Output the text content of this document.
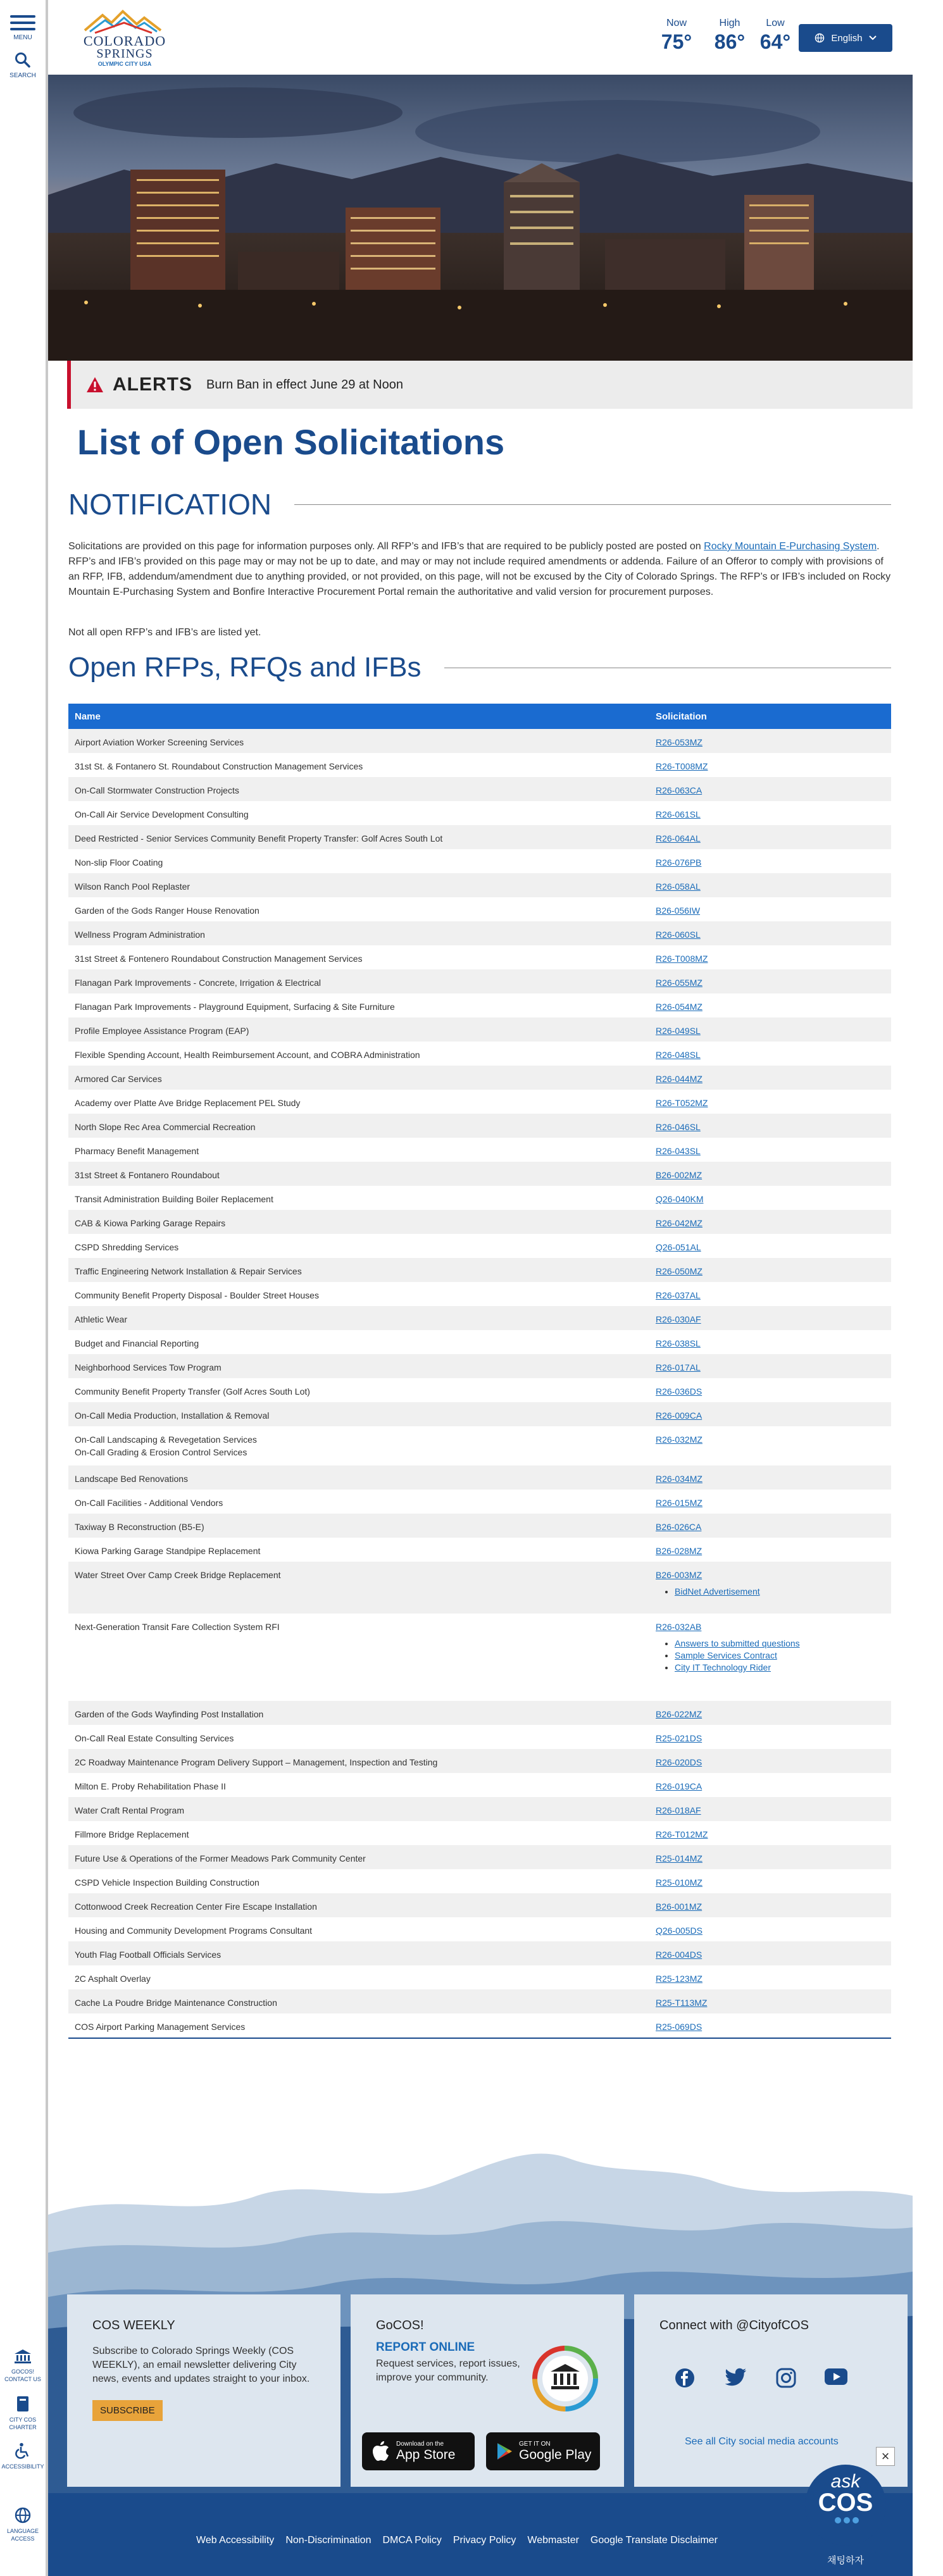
MENU
SEARCH
GOCOS! CONTACT US
CITY COS CHARTER
ACCESSIBILITY
LANGUAGE ACCESS
COLORADO
SPRINGS
OLYMPIC CITY USA
Now
75°
High
86°
Low
64°	English
ALERTS Burn Ban in effect June 29 at Noon
List of Open Solicitations
NOTIFICATION
Solicitations are provided on this page for information purposes only. All RFP’s and IFB’s that are required to be publicly posted are posted on Rocky Mountain E-Purchasing System. RFP’s and IFB’s provided on this page may or may not be up to date, and may or may not include required amendments or addenda. Failure of an Offeror to comply with provisions of an RFP, IFB, addendum/amendment due to anything provided, or not provided, on this page, will not be excused by the City of Colorado Springs. The RFP’s or IFB’s included on Rocky Mountain E-Purchasing System and Bonfire Interactive Procurement Portal remain the authoritative and valid version for procurement purposes.
Not all open RFP’s and IFB’s are listed yet.
Open RFPs, RFQs and IFBs
Name	Solicitation
Airport Aviation Worker Screening Services	R26-053MZ
31st St. & Fontanero St. Roundabout Construction Management Services	R26-T008MZ
On-Call Stormwater Construction Projects	R26-063CA
On-Call Air Service Development Consulting	R26-061SL
Deed Restricted - Senior Services Community Benefit Property Transfer: Golf Acres South Lot	R26-064AL
Non-slip Floor Coating	R26-076PB
Wilson Ranch Pool Replaster	R26-058AL
Garden of the Gods Ranger House Renovation	B26-056IW
Wellness Program Administration	R26-060SL
31st Street & Fontenero Roundabout Construction Management Services	R26-T008MZ
Flanagan Park Improvements - Concrete, Irrigation & Electrical	R26-055MZ
Flanagan Park Improvements - Playground Equipment, Surfacing & Site Furniture	R26-054MZ
Profile Employee Assistance Program (EAP)	R26-049SL
Flexible Spending Account, Health Reimbursement Account, and COBRA Administration	R26-048SL
Armored Car Services	R26-044MZ
Academy over Platte Ave Bridge Replacement PEL Study	R26-T052MZ
North Slope Rec Area Commercial Recreation	R26-046SL
Pharmacy Benefit Management	R26-043SL
31st Street & Fontanero Roundabout	B26-002MZ
Transit Administration Building Boiler Replacement	Q26-040KM
CAB & Kiowa Parking Garage Repairs	R26-042MZ
CSPD Shredding Services	Q26-051AL
Traffic Engineering Network Installation & Repair Services	R26-050MZ
Community Benefit Property Disposal - Boulder Street Houses	R26-037AL
Athletic Wear	R26-030AF
Budget and Financial Reporting	R26-038SL
Neighborhood Services Tow Program	R26-017AL
Community Benefit Property Transfer (Golf Acres South Lot)	R26-036DS
On-Call Media Production, Installation & Removal	R26-009CA
On-Call Landscaping & Revegetation Services
On-Call Grading & Erosion Control Services
R26-032MZ
Landscape Bed Renovations	R26-034MZ
On-Call Facilities - Additional Vendors	R26-015MZ
Taxiway B Reconstruction (B5-E)	B26-026CA
Kiowa Parking Garage Standpipe Replacement	B26-028MZ
Water Street Over Camp Creek Bridge Replacement	B26-003MZ
• BidNet Advertisement
Next-Generation Transit Fare Collection System RFI	R26-032AB
• Answers to submitted questions
• Sample Services Contract
• City IT Technology Rider
Garden of the Gods Wayfinding Post Installation	B26-022MZ
On-Call Real Estate Consulting Services	R25-021DS
2C Roadway Maintenance Program Delivery Support – Management, Inspection and Testing	R26-020DS
Milton E. Proby Rehabilitation Phase II	R26-019CA
Water Craft Rental Program	R26-018AF
Fillmore Bridge Replacement	R26-T012MZ
Future Use & Operations of the Former Meadows Park Community Center	R25-014MZ
CSPD Vehicle Inspection Building Construction	R25-010MZ
Cottonwood Creek Recreation Center Fire Escape Installation	B26-001MZ
Housing and Community Development Programs Consultant	Q26-005DS
Youth Flag Football Officials Services	R26-004DS
2C Asphalt Overlay	R25-123MZ
Cache La Poudre Bridge Maintenance Construction	R25-T113MZ
COS Airport Parking Management Services	R25-069DS
COS WEEKLY

Subscribe to Colorado Springs Weekly (COS WEEKLY), an email newsletter delivering City news, events and updates straight to your inbox.

SUBSCRIBE
GoCOS!
REPORT ONLINE

Request services, report issues, improve your community.

Download on the
App Store
GET IT ON
Google Play
Connect with @CityofCOS
See all City social media accounts
Web Accessibility Non-Discrimination DMCA Policy Privacy Policy Webmaster Google Translate Disclaimer
ask
COS
채팅하자
×
